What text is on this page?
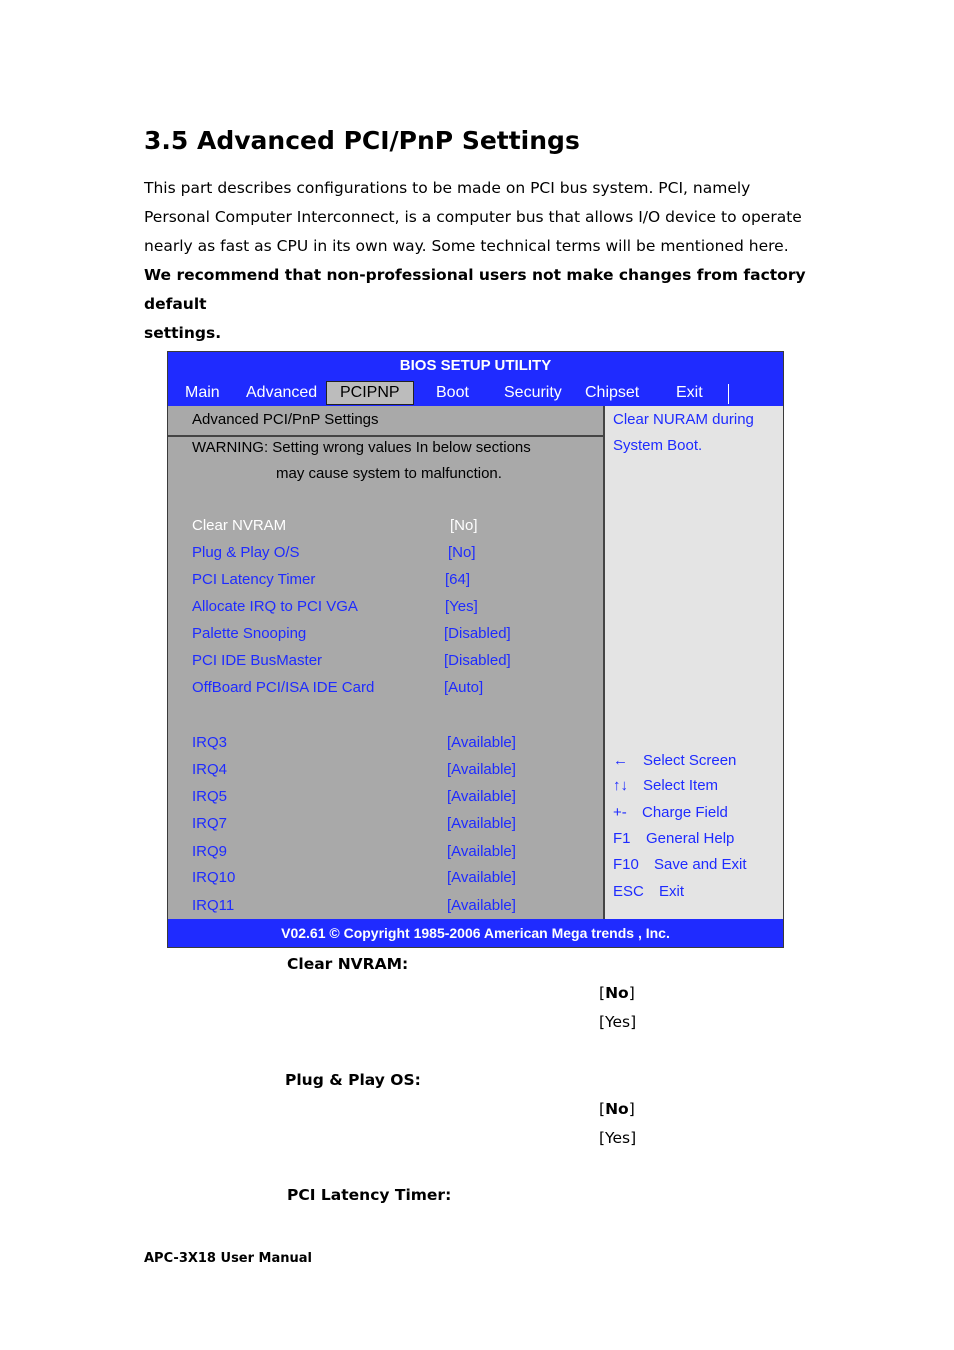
3.5 Advanced PCI/PnP Settings

This part describes configurations to be made on PCI bus system. PCI, namely

Personal Computer Interconnect, is a computer bus that allows I/O device to operate

nearly as fast as CPU in its own way. Some technical terms will be mentioned here.

We recommend that non-professional users not make changes from factory default

settings.

BIOS SETUP UTILITY
Main Advanced	PCIPNP	Boot Security Chipset Exit
Advanced PCI/PnP Settings
WARNING: Setting wrong values In below sections
may cause system to malfunction.
Clear NVRAM	[No]
Plug & Play O/S	[No]
PCI Latency Timer	[64]
Allocate IRQ to PCI VGA	[Yes]
Palette Snooping	[Disabled]
PCI IDE BusMaster	[Disabled]
OffBoard PCI/ISA IDE Card	[Auto]
IRQ3	[Available]
IRQ4	[Available]
IRQ5	[Available]
IRQ7	[Available]
IRQ9	[Available]
IRQ10	[Available]
IRQ11	[Available]
Clear NURAM during
System Boot.
← Select Screen
↑↓ Select Item
+- Charge Field
F1 General Help
F10 Save and Exit
ESC Exit
V02.61 © Copyright 1985-2006 American Mega trends , Inc.
Clear NVRAM:
[No]
[Yes]
Plug & Play OS:
[No]
[Yes]
PCI Latency Timer:
APC-3X18 User Manual
